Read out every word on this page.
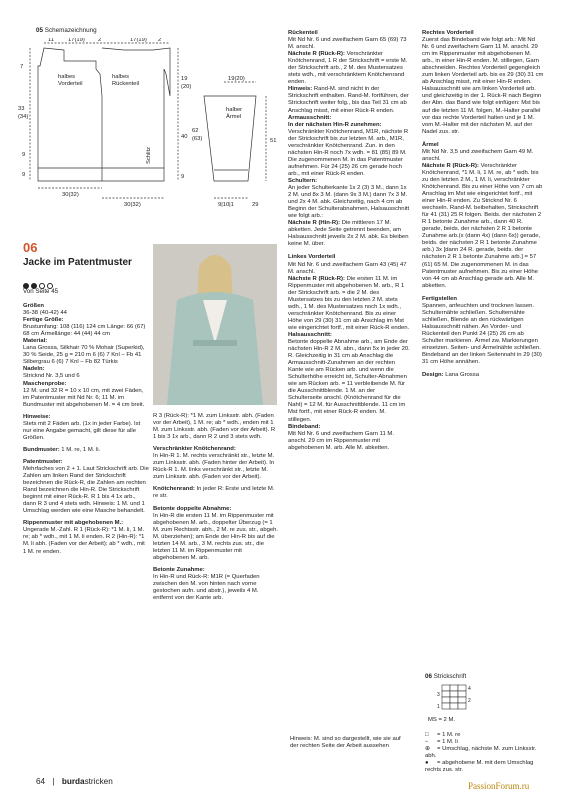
05 Schemazeichnung
halbes
Vorderteil
halbes
Rückenteil
halber
Ärmel
Schlitz
11 17(19) 2	17(19) 2
7
33
(34)
9
9
30(32)
30(32)
19
(20)
40
62
(63)
9
19(20)
51
9|10|1	29
06
Jacke im Patentmuster
Von Seite 45

Größen
36-38 (40-42) 44

Fertige Größe:
Brustumfang: 108 (116) 124 cm Länge: 66 (67) 68 cm Ärmellänge: 44 (44) 44 cm

Material:
Lana Grossa, Silkhair 70 % Mohair (Superkid), 30 % Seide, 25 g = 210 m 6 (6) 7 Knl – Fb 41 Silbergrau 6 (6) 7 Knl – Fb 82 Türkis

Nadeln:
Stricknd Nr. 3,5 und 6

Maschenprobe:
12 M. und 32 R = 10 x 10 cm, mit zwei Fäden, im Patentmuster mit Nd Nr. 6; 11 M. im Bundmuster mit abgehobenen M. = 4 cm breit.

Hinweise:
Stets mit 2 Fäden arb. (1x in jeder Farbe). Ist nur eine Angabe gemacht, gilt diese für alle Größen.

Bundmuster: 1 M. re, 1 M. li.

Patentmuster:
Mehrfaches von 2 + 1. Laut Strickschrift arb. Die Zahlen am linken Rand der Strickschrift bezeichnen die Rück-R, die Zahlen am rechten Rand bezeichnen die Hin-R. Die Strickschrift beginnt mit einer Rück-R. R 1 bis 4 1x arb., dann R 3 und 4 stets wdh. Hinweis: 1 M. und 1 Umschlag werden wie eine Masche behandelt.

Rippenmuster mit abgehobenen M.: Ungerade M.-Zahl. R 1 (Rück-R): *1 M. li, 1 M. re; ab * wdh., mit 1 M. li enden. R 2 (Hin-R): *1 M. li abh. (Faden vor der Arbeit); ab * wdh., mit 1 M. re enden.

R 3 (Rück-R): *1 M. zum Linksstr. abh. (Faden vor der Arbeit), 1 M. re; ab * wdh., enden mit 1 M. zum Linksstr. abh. (Faden vor der Arbeit). R 1 bis 3 1x arb., dann R 2 und 3 stets wdh.

Verschränkter Knötchenrand:
In Hin-R 1. M. rechts verschränkt str., letzte M. zum Linksstr. abh. (Faden hinter der Arbeit). In Rück-R 1. M. links verschränkt str., letzte M. zum Linksstr. abh. (Faden vor der Arbeit).

Knötchenrand: In jeder R: Erste und letzte M. re str.

Betonte doppelte Abnahme:
In Hin-R die ersten 11 M. im Rippenmuster mit abgehobenen M. arb., doppelter Überzug (= 1 M. zum Rechtsstr. abh., 2 M. re zus. str., abgeh. M. überziehen); am Ende der Hin-R bis auf die letzten 14 M. arb., 3 M. rechts zus. str., die letzten 11 M. im Rippenmuster mit abgehobenen M. arb.

Betonte Zunahme:
In Hin-R und Rück-R: M1R (= Querfaden zwischen den M. von hinten nach vorne gestochen aufn. und abstr.), jeweils 4 M. entfernt von der Kante arb.

Rückenteil
Mit Nd Nr. 6 und zweifachem Garn 65 (69) 73 M. anschl.

Nächste R (Rück-R): Verschränkter Knötchenrand, 1 R der Strickschrift = erste M. der Strickschrift arb., 2 M. des Mustersatzes stets wdh., mit verschränktem Knötchenrand enden.

Hinweis: Rand-M. sind nicht in der Strickschrift enthalten. Rand-M. fortführen, der Strickschrift weiter folg., bis das Teil 31 cm ab Anschlag misst, mit einer Rück-R enden.

Armausschnitt:

In der nächsten Hin-R zunehmen:
Verschränkter Knötchenrand, M1R, nächste R der Strickschrift bis zur letzten M. arb., M1R, verschränkter Knötchenrand. Zun. in den nächsten Hin-R noch 7x wdh. = 81 (85) 89 M. Die zugenommenen M. in das Patentmuster aufnehmen. Für 24 (25) 26 cm gerade hoch arb., mit einer Rück-R enden.

Schultern:
An jeder Schulterkante 1x 2 (3) 3 M., dann 1x 2 M. und 8x 3 M. (dann 9x 3 M.) dann 7x 3 M. und 2x 4 M. abk. Gleichzeitig, nach 4 cm ab Beginn der Schulterabnahmen, Halsausschnitt wie folgt arb.:

Nächste R (Hin-R): Die mittleren 17 M. abketten. Jede Seite getrennt beenden, am Halsausschnitt jeweils 2x 2 M. abk. Es bleiben keine M. über.

Linkes Vorderteil
Mit Nd Nr. 6 und zweifachem Garn 43 (45) 47 M. anschl.

Nächste R (Rück-R): Die ersten 11 M. im Rippenmuster mit abgehobenen M. arb., R 1 der Strickschrift arb. = die 2 M. des Mustersatzes bis zu den letzten 2 M. stets wdh., 1 M. des Mustersatzes noch 1x wdh., verschränkter Knötchenrand. Bis zu einer Höhe von 29 (30) 31 cm ab Anschlag im Mst wie eingerichtet fortf., mit einer Rück-R enden.

Halsausschnitt:
Betonte doppelte Abnahme arb., am Ende der nächsten Hin-R 2 M. abn., dann 5x in jeder 20. R. Gleichzeitig in 31 cm ab Anschlag die Armausschnitt-Zunahmen an der rechten Kante wie am Rücken arb. und wenn die Schulterhöhe erreicht ist, Schulter-Abnahmen wie am Rücken arb. = 11 verbleibende M. für die Ausschnittblende. 1 M. an der Schulterseite anschl. (Knötchenrand für die Naht) = 12 M. für Ausschnittblende. 11 cm im Mst fortf., mit einer Rück-R enden. M. stillegen.

Bindeband:
Mit Nd Nr. 6 und zweifachem Garn 11 M. anschl. 29 cm im Rippenmuster mit abgehobenen M. arb. Alle M. abketten.

Hinweis: M. sind so dargestellt, wie sie auf der rechten Seite der Arbeit aussehen

Rechtes Vorderteil
Zuerst das Bindeband wie folgt arb.: Mit Nd Nr. 6 und zweifachem Garn 11 M. anschl. 29 cm im Rippenmuster mit abgehobenen M. arb., in einer Hin-R enden. M. stillegen, Garn abschneiden. Rechtes Vorderteil gegengleich zum linken Vorderteil arb. bis es 29 (30) 31 cm ab Anschlag misst, mit einer Hin-R enden. Halsausschnitt wie am linken Vorderteil arb. und gleichzeitig in der 1. Rück-R nach Beginn der Abn. das Band wie folgt einfügen: Mst bis auf die letzten 11 M. folgen, M.-Halter parallel vor das rechte Vorderteil halten und je 1 M. vom M.-Halter mit der nächsten M. auf der Nadel zus. str.

Ärmel
Mit Nd Nr. 3,5 und zweifachem Garn 49 M. anschl.

Nächste R (Rück-R): Verschränkter Knötchenrand, *1 M. li, 1 M. re, ab * wdh. bis zu den letzten 2 M., 1 M. li, verschränkter Knötchenrand. Bis zu einer Höhe von 7 cm ab Anschlag im Mst wie eingerichtet fortf., mit einer Hin-R enden. Zu Stricknd Nr. 6 wechseln. Rand-M. beibehalten, Strickschrift für 41 (31) 25 R folgen. Beids. der nächsten 2 R 1 betonte Zunahme arb., dann 40 R. gerade, beids. der nächsten 2 R 1 betonte Zunahme arb.(x (dann 4x) (dann 6x)) gerade, beids. der nächsten 2 R 1 betonte Zunahme arb.) 3x [dann 24 R. gerade, beids. der nächsten 2 R 1 betonte Zunahme arb.] = 57 (61) 65 M. Die zugenommenen M. in das Patentmuster aufnehmen. Bis zu einer Höhe von 44 cm ab Anschlag gerade arb. Alle M. abketten.

Fertigstellen
Spannen, anfeuchten und trocknen lassen. Schulternähte schließen. Schulternähte schließen, Blende an den rückwärtigen Halsausschnitt nähen. An Vorder- und Rückenteil den Punkt 24 (25) 26 cm ab Schulter markieren. Ärmel zw. Markierungen einsetzen. Seiten- und Ärmelnähte schließen. Bindeband an der linken Seitennaht in 29 (30) 31 cm Höhe annähen.

Design: Lana Grossa

06 Strickschrift
4
2
3
1
MS = 2 M.

□ = 1 M. re

− = 1 M. li

⊕ = Umschlag, nächste M. zum Linksstr. abh.

● = abgehobene M. mit dem Umschlag rechts zus. str.

64 | burdastricken	PassionForum.ru
